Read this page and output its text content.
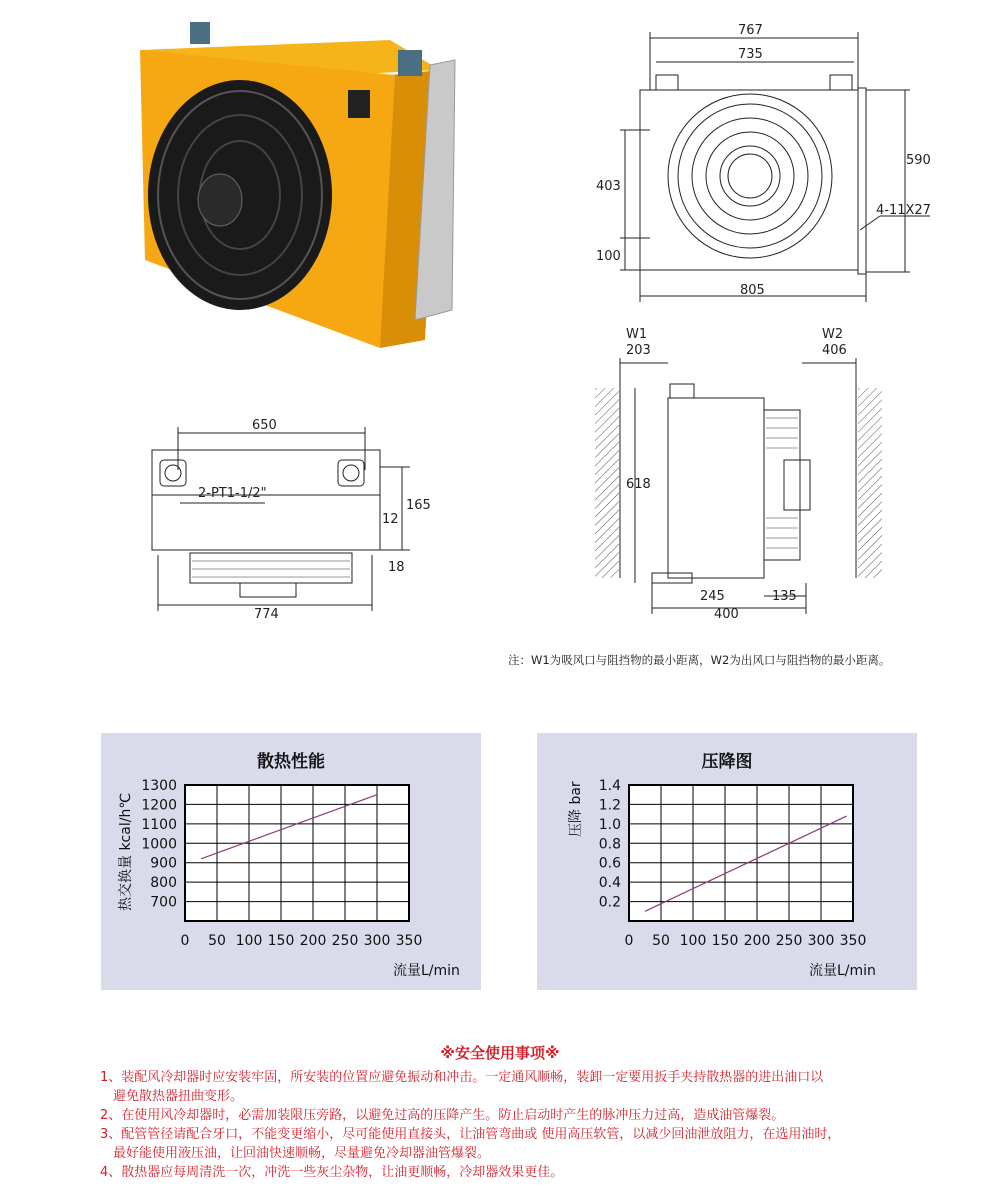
767
735
590
403
100
805
4-11X27
W1
203
W2
406
618
245	135
400
650
2-PT1-1/2"
165
12
18
774
注：W1为吸风口与阻挡物的最小距离，W2为出风口与阻挡物的最小距离。
散热性能
热交换量 kcal/h℃
流量L/min
1300
1200
1100
1000
900
800
700
0 50 100 150 200 250 300 350
压降图
压降 bar
流量L/min
1.4
1.2
1.0
0.8
0.6
0.4
0.2
0 50 100 150 200 250 300 350
※安全使用事项※

1、装配风冷却器时应安装牢固，所安装的位置应避免振动和冲击。一定通风顺畅，装卸一定要用扳手夹持散热器的进出油口以

　避免散热器扭曲变形。

2、在使用风冷却器时，必需加装限压旁路，以避免过高的压降产生。防止启动时产生的脉冲压力过高，造成油管爆裂。

3、配管管径请配合牙口，不能变更缩小，尽可能使用直接头，让油管弯曲或 使用高压软管，以减少回油泄放阻力，在选用油时，

　最好能使用液压油，让回油快速顺畅，尽量避免冷却器油管爆裂。

4、散热器应每周清洗一次，冲洗一些灰尘杂物，让油更顺畅，冷却器效果更佳。
